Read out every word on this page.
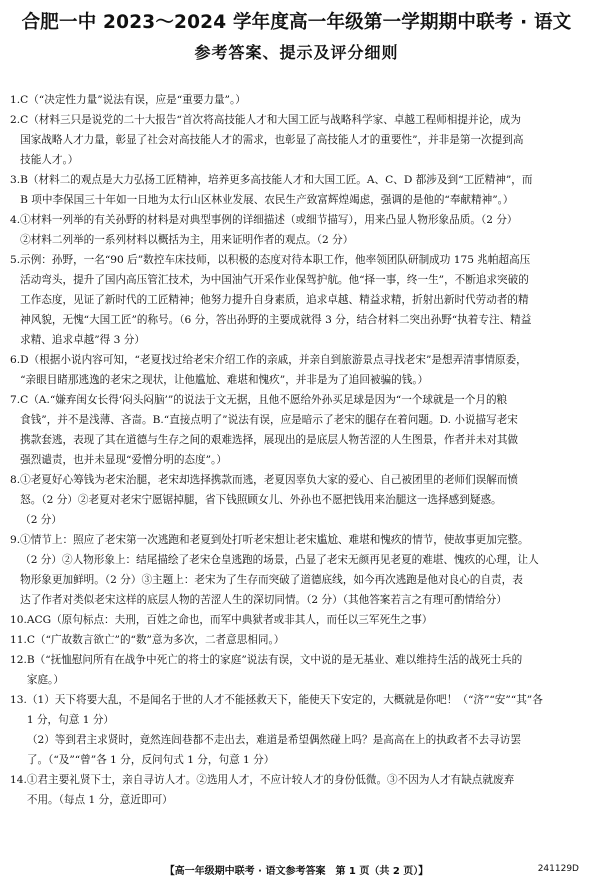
合肥一中 2023～2024 学年度高一年级第一学期期中联考 · 语文
参考答案、提示及评分细则
1. C（“决定性力量”说法有误，应是“重要力量”。）
2. C（材料三只是说党的二十大报告“首次将高技能人才和大国工匠与战略科学家、卓越工程师相提并论，成为
国家战略人才力量，彰显了社会对高技能人才的需求，也彰显了高技能人才的重要性”，并非是第一次提到高
技能人才。）
3. B（材料二的观点是大力弘扬工匠精神，培养更多高技能人才和大国工匠。A、C、D 都涉及到“工匠精神”，而
B 项中李保国三十年如一日地为太行山区林业发展、农民生产致富辉煌竭虑，强调的是他的“奉献精神”。）
4. ①材料一列举的有关孙野的材料是对典型事例的详细描述（或细节描写），用来凸显人物形象品质。（2 分）
②材料二列举的一系列材料以概括为主，用来证明作者的观点。（2 分）
5. 示例：孙野，一名“90 后”数控车床技师，以积极的态度对待本职工作，他率领团队研制成功 175 兆帕超高压
活动弯头，提升了国内高压管汇技术，为中国油气开采作业保驾护航。他“择一事，终一生”，不断追求突破的
工作态度，见证了新时代的工匠精神；他努力提升自身素质，追求卓越、精益求精，折射出新时代劳动者的精
神风貌，无愧“大国工匠”的称号。（6 分，答出孙野的主要成就得 3 分，结合材料二突出孙野“执着专注、精益
求精、追求卓越”得 3 分）
6. D（根据小说内容可知，“老夏找过给老宋介绍工作的亲戚，并亲自到旅游景点寻找老宋”是想弄清事情原委，
“亲眼目睹那逃逸的老宋之现状，让他尴尬、难堪和愧疚”，并非是为了追回被骗的钱。）
7. C（A.“嫌弃闺女长得‘闷头闷脑’”的说法于文无据，且他不愿给外孙买足球是因为“一个球就是一个月的粮
食钱”，并不是浅薄、吝啬。B.“直接点明了”说法有误，应是暗示了老宋的腿存在着问题。D. 小说描写老宋
携款套逃，表现了其在道德与生存之间的艰难选择，展现出的是底层人物苦涩的人生图景，作者并未对其做
强烈谴责，也并未显现“爱憎分明的态度”。）
8. ①老夏好心筹钱为老宋治腿，老宋却选择携款而逃，老夏因辜负大家的爱心、自己被团里的老师们误解而愤
怒。（2 分）②老夏对老宋宁愿锯掉腿，省下钱照顾女儿、外孙也不愿把钱用来治腿这一选择感到疑惑。
（2 分）
9. ①情节上：照应了老宋第一次逃跑和老夏到处打听老宋想让老宋尴尬、难堪和愧疚的情节，使故事更加完整。
（2 分）②人物形象上：结尾描绘了老宋仓皇逃跑的场景，凸显了老宋无颜再见老夏的难堪、愧疚的心理，让人
物形象更加鲜明。（2 分）③主题上：老宋为了生存而突破了道德底线，如今再次逃跑是他对良心的自责，表
达了作者对类似老宋这样的底层人物的苦涩人生的深切同情。（2 分）（其他答案若言之有理可酌情给分）
10. ACG（原句标点：夫刑，百姓之命也，而军中典狱者或非其人，而任以三军死生之事）
11. C（“广故数言欲亡”的“数”意为多次，二者意思相同。）
12. B（“抚恤慰问所有在战争中死亡的将士的家庭”说法有误，文中说的是无基业、难以维持生活的战死士兵的
家庭。）
13. （1）天下将要大乱，不是闻名于世的人才不能拯救天下，能使天下安定的，大概就是你吧！（“济”“安”“其”各
1 分，句意 1 分）
（2）等到君主求贤时，竟然连闾巷都不走出去，难道是希望偶然碰上吗？是高高在上的执政者不去寻访罢
了。（“及”“曾”各 1 分，反问句式 1 分，句意 1 分）
14. ①君主要礼贤下士，亲自寻访人才。②选用人才，不应计较人才的身份低微。③不因为人才有缺点就废弃
不用。（每点 1 分，意近即可）
【高一年级期中联考 · 语文参考答案　第 1 页（共 2 页）】	241129D
